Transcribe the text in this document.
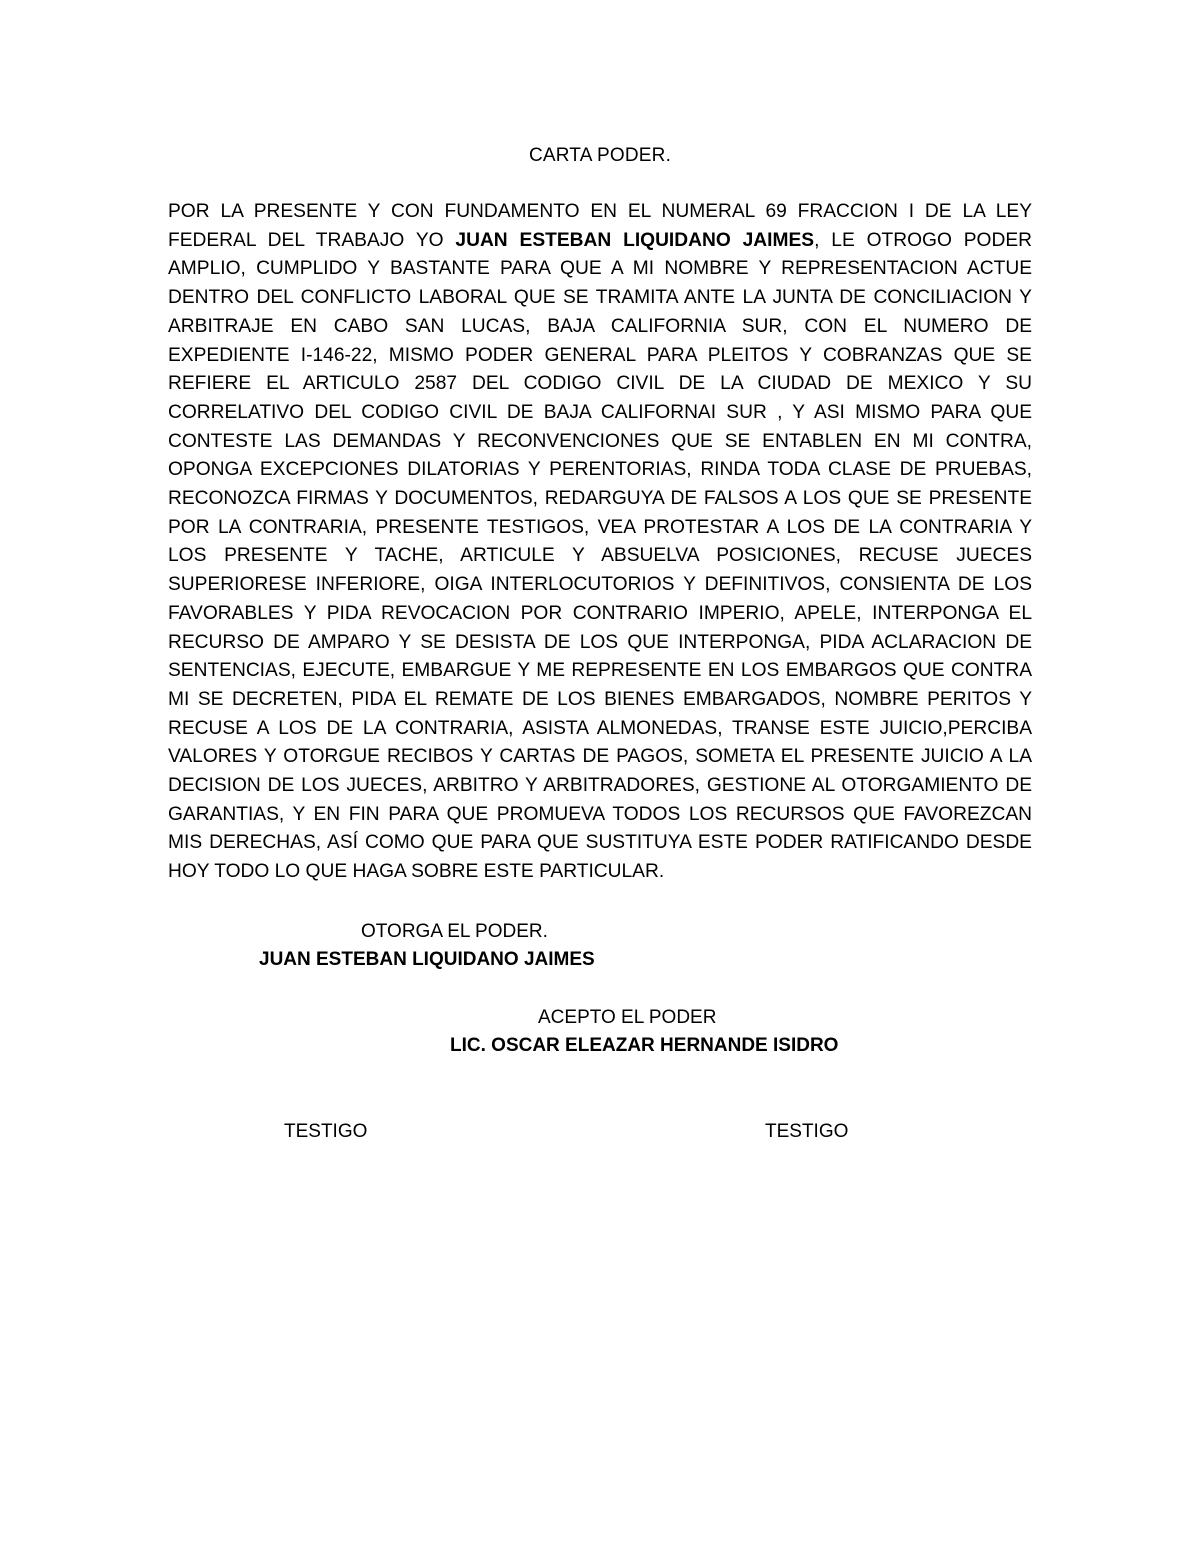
CARTA PODER.

POR LA PRESENTE Y CON FUNDAMENTO EN EL NUMERAL 69 FRACCION I DE LA LEY FEDERAL DEL TRABAJO YO JUAN ESTEBAN LIQUIDANO JAIMES, LE OTROGO PODER AMPLIO, CUMPLIDO Y BASTANTE PARA QUE A MI NOMBRE Y REPRESENTACION ACTUE DENTRO DEL CONFLICTO LABORAL QUE SE TRAMITA ANTE LA JUNTA DE CONCILIACION Y ARBITRAJE EN CABO SAN LUCAS, BAJA CALIFORNIA SUR, CON EL NUMERO DE EXPEDIENTE I-146-22, MISMO PODER GENERAL PARA PLEITOS Y COBRANZAS QUE SE REFIERE EL ARTICULO 2587 DEL CODIGO CIVIL DE LA CIUDAD DE MEXICO Y SU CORRELATIVO DEL CODIGO CIVIL DE BAJA CALIFORNAI SUR , Y ASI MISMO PARA QUE CONTESTE LAS DEMANDAS Y RECONVENCIONES QUE SE ENTABLEN EN MI CONTRA, OPONGA EXCEPCIONES DILATORIAS Y PERENTORIAS, RINDA TODA CLASE DE PRUEBAS, RECONOZCA FIRMAS Y DOCUMENTOS, REDARGUYA DE FALSOS A LOS QUE SE PRESENTE POR LA CONTRARIA, PRESENTE TESTIGOS, VEA PROTESTAR A LOS DE LA CONTRARIA Y LOS PRESENTE Y TACHE, ARTICULE Y ABSUELVA POSICIONES, RECUSE JUECES SUPERIORESE INFERIORE, OIGA INTERLOCUTORIOS Y DEFINITIVOS, CONSIENTA DE LOS FAVORABLES Y PIDA REVOCACION POR CONTRARIO IMPERIO, APELE, INTERPONGA EL RECURSO DE AMPARO Y SE DESISTA DE LOS QUE INTERPONGA, PIDA ACLARACION DE SENTENCIAS, EJECUTE, EMBARGUE Y ME REPRESENTE EN LOS EMBARGOS QUE CONTRA MI SE DECRETEN, PIDA EL REMATE DE LOS BIENES EMBARGADOS, NOMBRE PERITOS Y RECUSE A LOS DE LA CONTRARIA, ASISTA ALMONEDAS, TRANSE ESTE JUICIO,PERCIBA VALORES Y OTORGUE RECIBOS Y CARTAS DE PAGOS, SOMETA EL PRESENTE JUICIO A LA DECISION DE LOS JUECES, ARBITRO Y ARBITRADORES, GESTIONE AL OTORGAMIENTO DE GARANTIAS, Y EN FIN PARA QUE PROMUEVA TODOS LOS RECURSOS QUE FAVOREZCAN MIS DERECHAS, ASÍ COMO QUE PARA QUE SUSTITUYA ESTE PODER RATIFICANDO DESDE HOY TODO LO QUE HAGA SOBRE ESTE PARTICULAR.

OTORGA EL PODER.
JUAN ESTEBAN LIQUIDANO JAIMES
ACEPTO EL PODER
LIC. OSCAR ELEAZAR HERNANDE ISIDRO
TESTIGO	TESTIGO
